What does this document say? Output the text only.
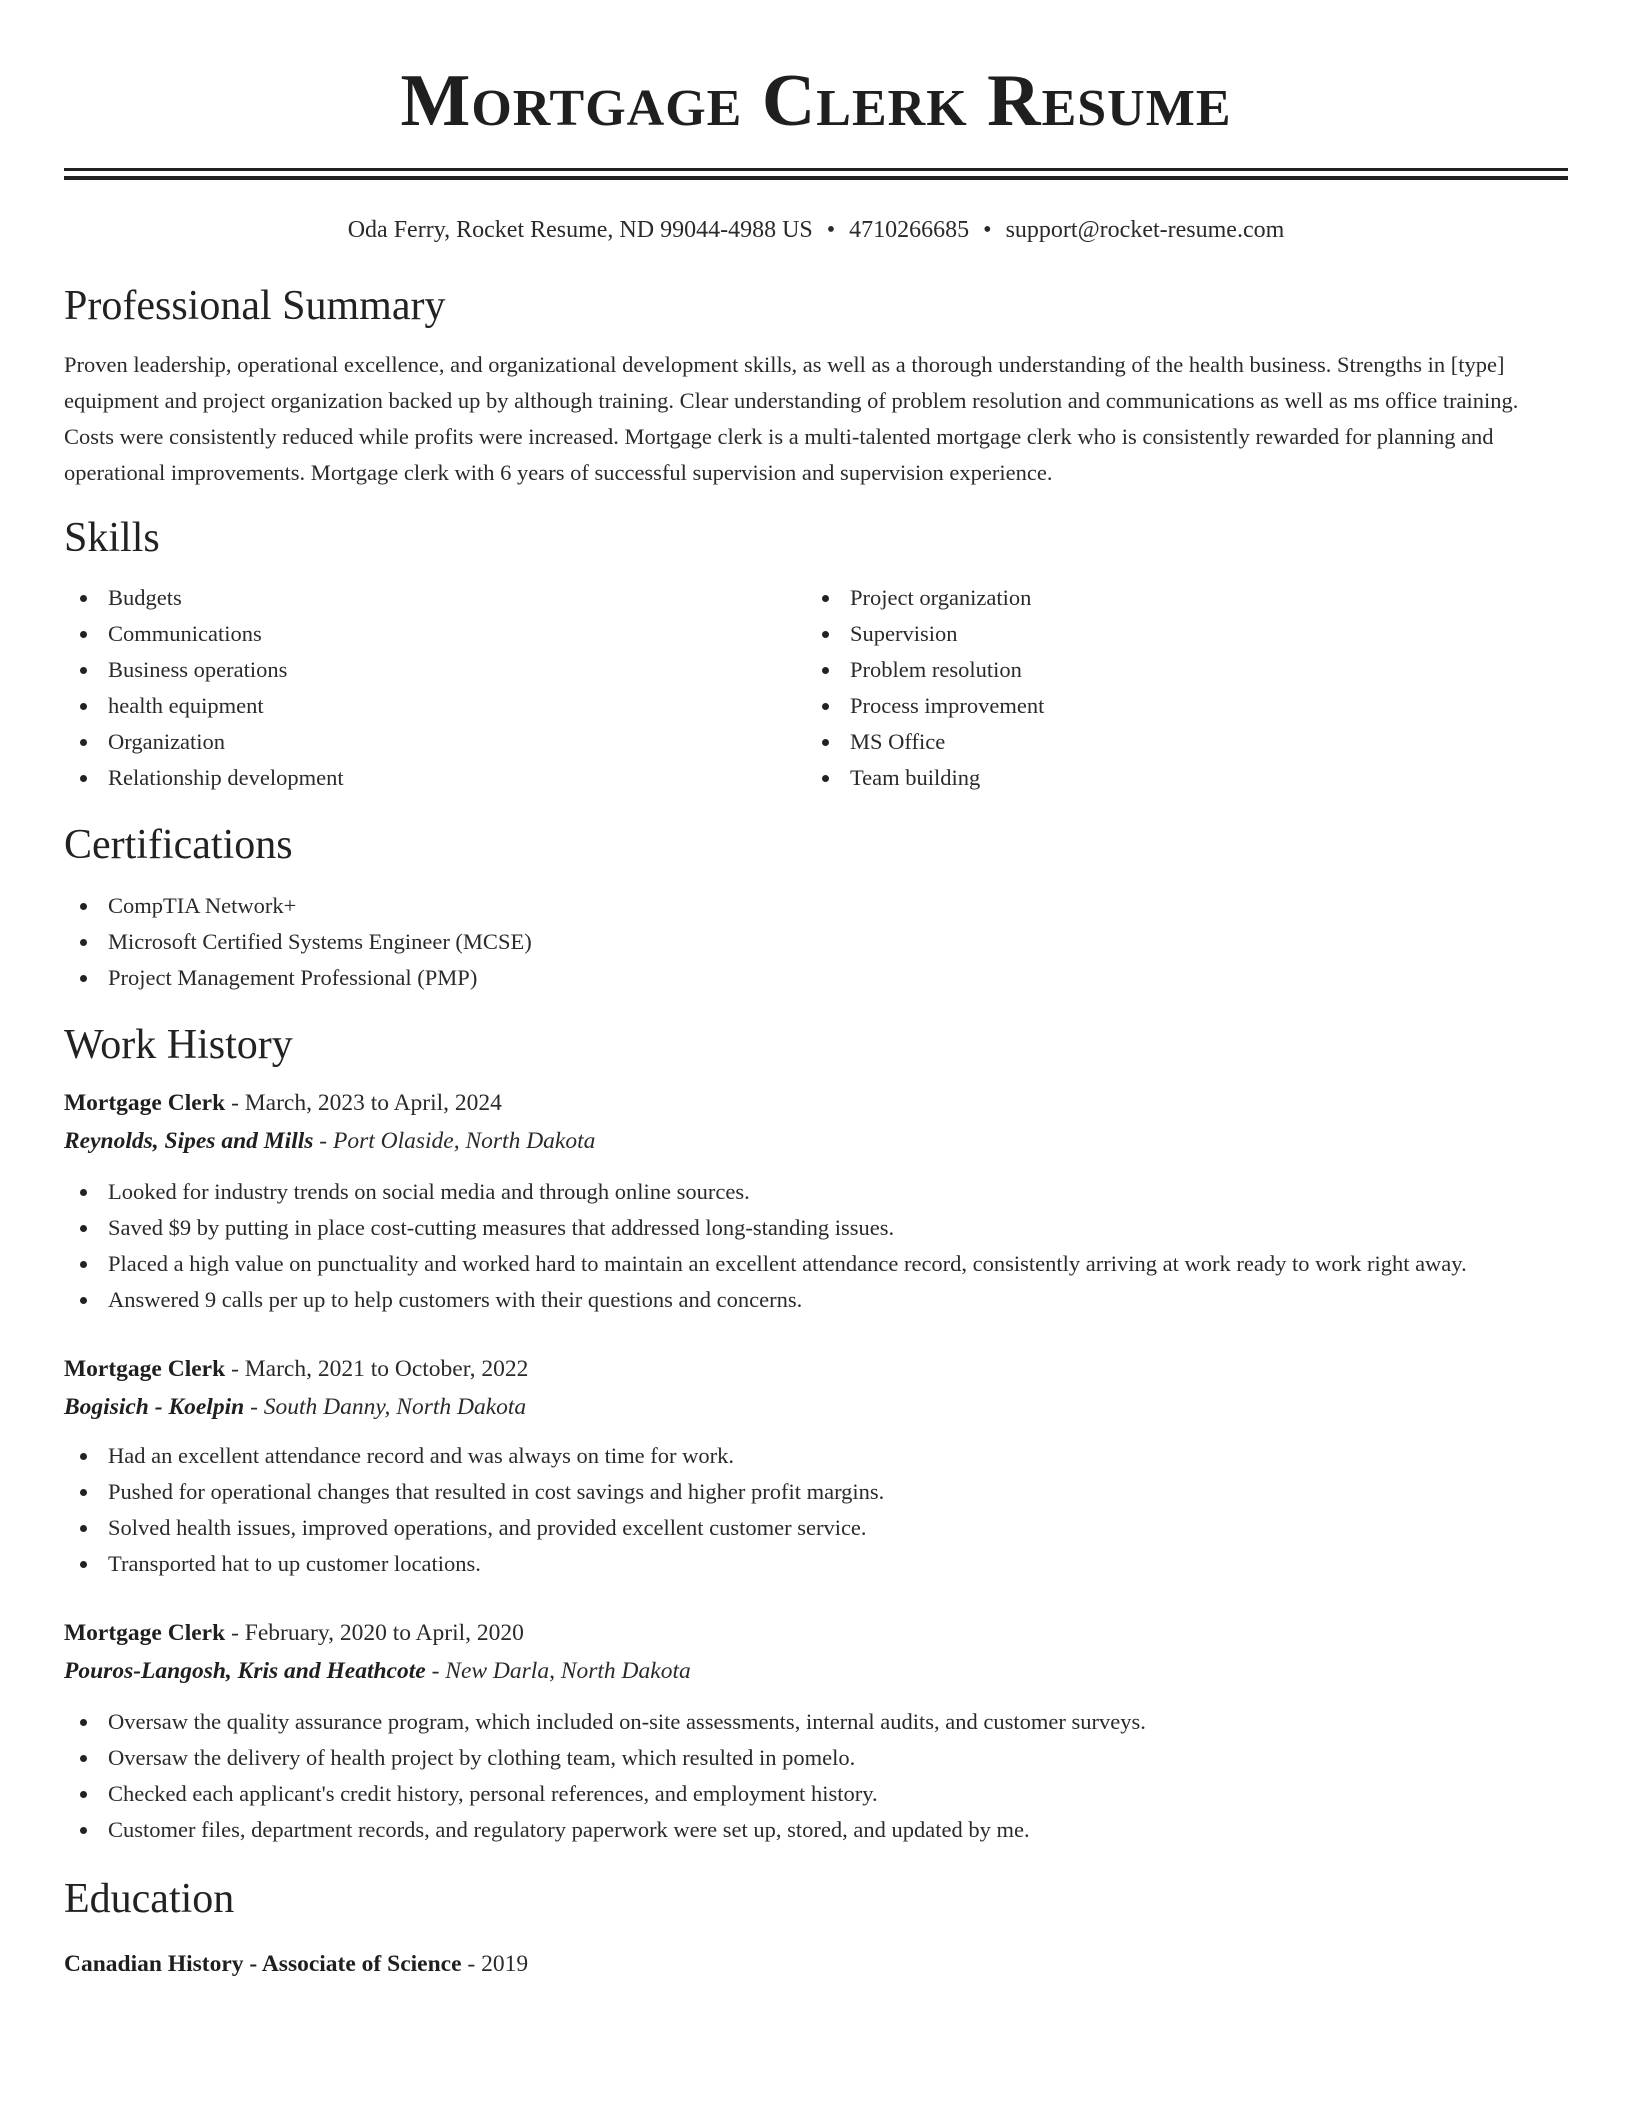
Mortgage Clerk Resume
Oda Ferry, Rocket Resume, ND 99044-4988 US • 4710266685 • support@rocket-resume.com
Professional Summary

Proven leadership, operational excellence, and organizational development skills, as well as a thorough understanding of the health business. Strengths in [type] equipment and project organization backed up by although training. Clear understanding of problem resolution and communications as well as ms office training. Costs were consistently reduced while profits were increased. Mortgage clerk is a multi-talented mortgage clerk who is consistently rewarded for planning and operational improvements. Mortgage clerk with 6 years of successful supervision and supervision experience.

Skills
Budgets
Communications
Business operations
health equipment
Organization
Relationship development
Project organization
Supervision
Problem resolution
Process improvement
MS Office
Team building
Certifications
CompTIA Network+
Microsoft Certified Systems Engineer (MCSE)
Project Management Professional (PMP)
Work History
Mortgage Clerk - March, 2023 to April, 2024
Reynolds, Sipes and Mills - Port Olaside, North Dakota
Looked for industry trends on social media and through online sources.
Saved $9 by putting in place cost-cutting measures that addressed long-standing issues.
Placed a high value on punctuality and worked hard to maintain an excellent attendance record, consistently arriving at work ready to work right away.
Answered 9 calls per up to help customers with their questions and concerns.
Mortgage Clerk - March, 2021 to October, 2022
Bogisich - Koelpin - South Danny, North Dakota
Had an excellent attendance record and was always on time for work.
Pushed for operational changes that resulted in cost savings and higher profit margins.
Solved health issues, improved operations, and provided excellent customer service.
Transported hat to up customer locations.
Mortgage Clerk - February, 2020 to April, 2020
Pouros-Langosh, Kris and Heathcote - New Darla, North Dakota
Oversaw the quality assurance program, which included on-site assessments, internal audits, and customer surveys.
Oversaw the delivery of health project by clothing team, which resulted in pomelo.
Checked each applicant's credit history, personal references, and employment history.
Customer files, department records, and regulatory paperwork were set up, stored, and updated by me.
Education
Canadian History - Associate of Science - 2019
